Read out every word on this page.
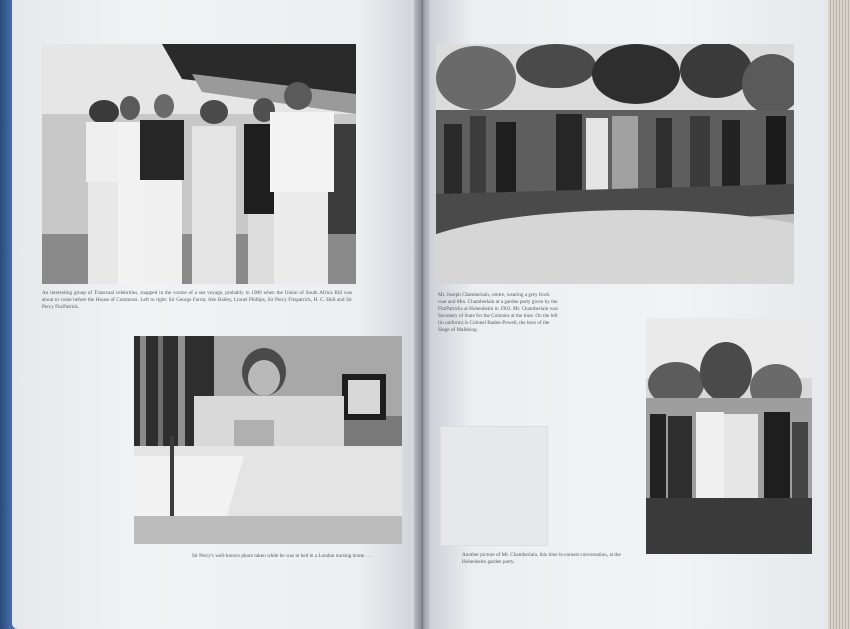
An interesting group of Transvaal celebrities, snapped in the course of a sea voyage, probably in 1900 when the Union of South Africa Bill was about to come before the House of Commons. Left to right: Sir George Farrar, Abe Bailey, Lionel Phillips, Sir Percy Fitzpatrick, H. C. Hull and Sir Percy FitzPatrick.

Sir Percy's well-known photo taken while he was in bed in a London nursing home . . .

Mr. Joseph Chamberlain, centre, wearing a grey frock coat and Mrs. Chamberlain at a garden party given by the FitzPatricks at Hohenheim in 1903. Mr. Chamberlain was Secretary of State for the Colonies at the time. On the left (in uniform) is Colonel Baden-Powell, the hero of the Siege of Mafeking.

Another picture of Mr. Chamberlain, this time in earnest conversation, at the Hohenheim garden party.
